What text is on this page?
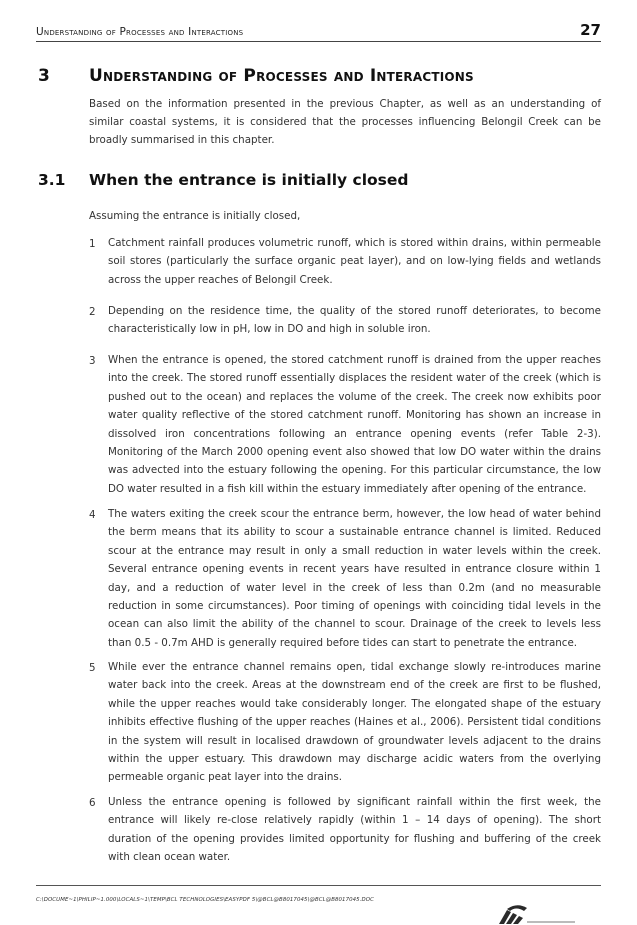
Understanding of Processes and Interactions	27
3 Understanding of Processes and Interactions

Based on the information presented in the previous Chapter, as well as an understanding of similar coastal systems, it is considered that the processes influencing Belongil Creek can be broadly summarised in this chapter.

3.1 When the entrance is initially closed

Assuming the entrance is initially closed,

1 Catchment rainfall produces volumetric runoff, which is stored within drains, within permeable soil stores (particularly the surface organic peat layer), and on low-lying fields and wetlands across the upper reaches of Belongil Creek.

2 Depending on the residence time, the quality of the stored runoff deteriorates, to become characteristically low in pH, low in DO and high in soluble iron.

3 When the entrance is opened, the stored catchment runoff is drained from the upper reaches into the creek. The stored runoff essentially displaces the resident water of the creek (which is pushed out to the ocean) and replaces the volume of the creek. The creek now exhibits poor water quality reflective of the stored catchment runoff. Monitoring has shown an increase in dissolved iron concentrations following an entrance opening events (refer Table 2-3). Monitoring of the March 2000 opening event also showed that low DO water within the drains was advected into the estuary following the opening. For this particular circumstance, the low DO water resulted in a fish kill within the estuary immediately after opening of the entrance.

4 The waters exiting the creek scour the entrance berm, however, the low head of water behind the berm means that its ability to scour a sustainable entrance channel is limited. Reduced scour at the entrance may result in only a small reduction in water levels within the creek. Several entrance opening events in recent years have resulted in entrance closure within 1 day, and a reduction of water level in the creek of less than 0.2m (and no measurable reduction in some circumstances). Poor timing of openings with coinciding tidal levels in the ocean can also limit the ability of the channel to scour. Drainage of the creek to levels less than 0.5 - 0.7m AHD is generally required before tides can start to penetrate the entrance.

5 While ever the entrance channel remains open, tidal exchange slowly re-introduces marine water back into the creek. Areas at the downstream end of the creek are first to be flushed, while the upper reaches would take considerably longer. The elongated shape of the estuary inhibits effective flushing of the upper reaches (Haines et al., 2006). Persistent tidal conditions in the system will result in localised drawdown of groundwater levels adjacent to the drains within the upper estuary. This drawdown may discharge acidic waters from the overlying permeable organic peat layer into the drains.

6 Unless the entrance opening is followed by significant rainfall within the first week, the entrance will likely re-close relatively rapidly (within 1 – 14 days of opening). The short duration of the opening provides limited opportunity for flushing and buffering of the creek with clean ocean water.

C:\DOCUME~1\PHILIP~1.000\LOCALS~1\TEMP\BCL TECHNOLOGIES\EASYPDF 5\@BCL@B8017045\@BCL@B8017045.DOC
